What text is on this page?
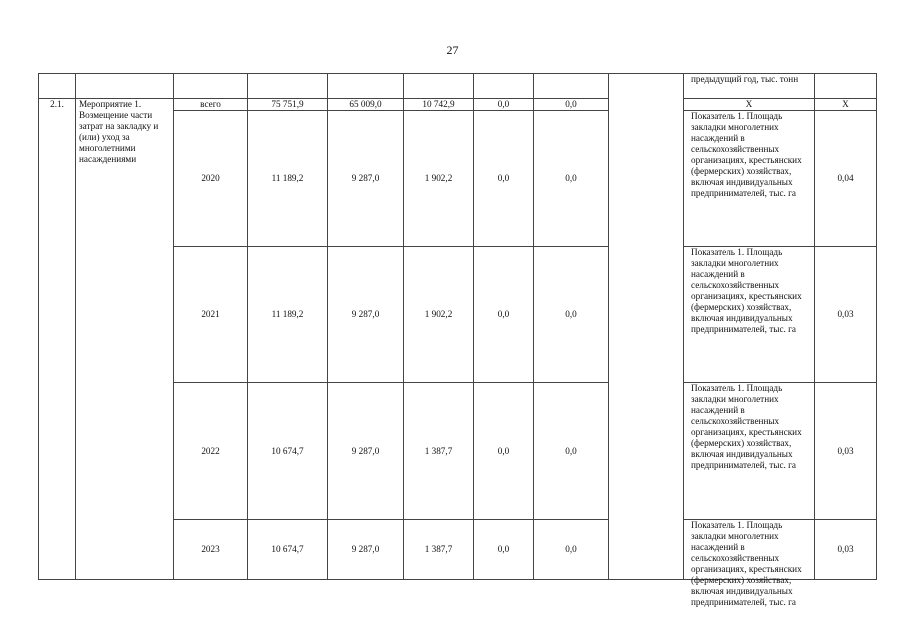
27
									предыдущий год, тыс. тонн	
2.1.	Мероприятие 1. Возмещение части затрат на закладку и (или) уход за многолетними насаждениями	всего	75 751,9	65 009,0	10 742,9	0,0	0,0		Х	Х
		2020	11 189,2	9 287,0	1 902,2	0,0	0,0		Показатель 1. Площадь закладки многолетних насаждений в сельскохозяйственных организациях, крестьянских (фермерских) хозяйствах, включая индивидуальных предпринимателей, тыс. га	0,04
		2021	11 189,2	9 287,0	1 902,2	0,0	0,0		Показатель 1. Площадь закладки многолетних насаждений в сельскохозяйственных организациях, крестьянских (фермерских) хозяйствах, включая индивидуальных предпринимателей, тыс. га	0,03
		2022	10 674,7	9 287,0	1 387,7	0,0	0,0		Показатель 1. Площадь закладки многолетних насаждений в сельскохозяйственных организациях, крестьянских (фермерских) хозяйствах, включая индивидуальных предпринимателей, тыс. га	0,03
		2023	10 674,7	9 287,0	1 387,7	0,0	0,0		Показатель 1. Площадь закладки многолетних насаждений в сельскохозяйственных организациях, крестьянских (фермерских) хозяйствах, включая индивидуальных предпринимателей, тыс. га	0,03
